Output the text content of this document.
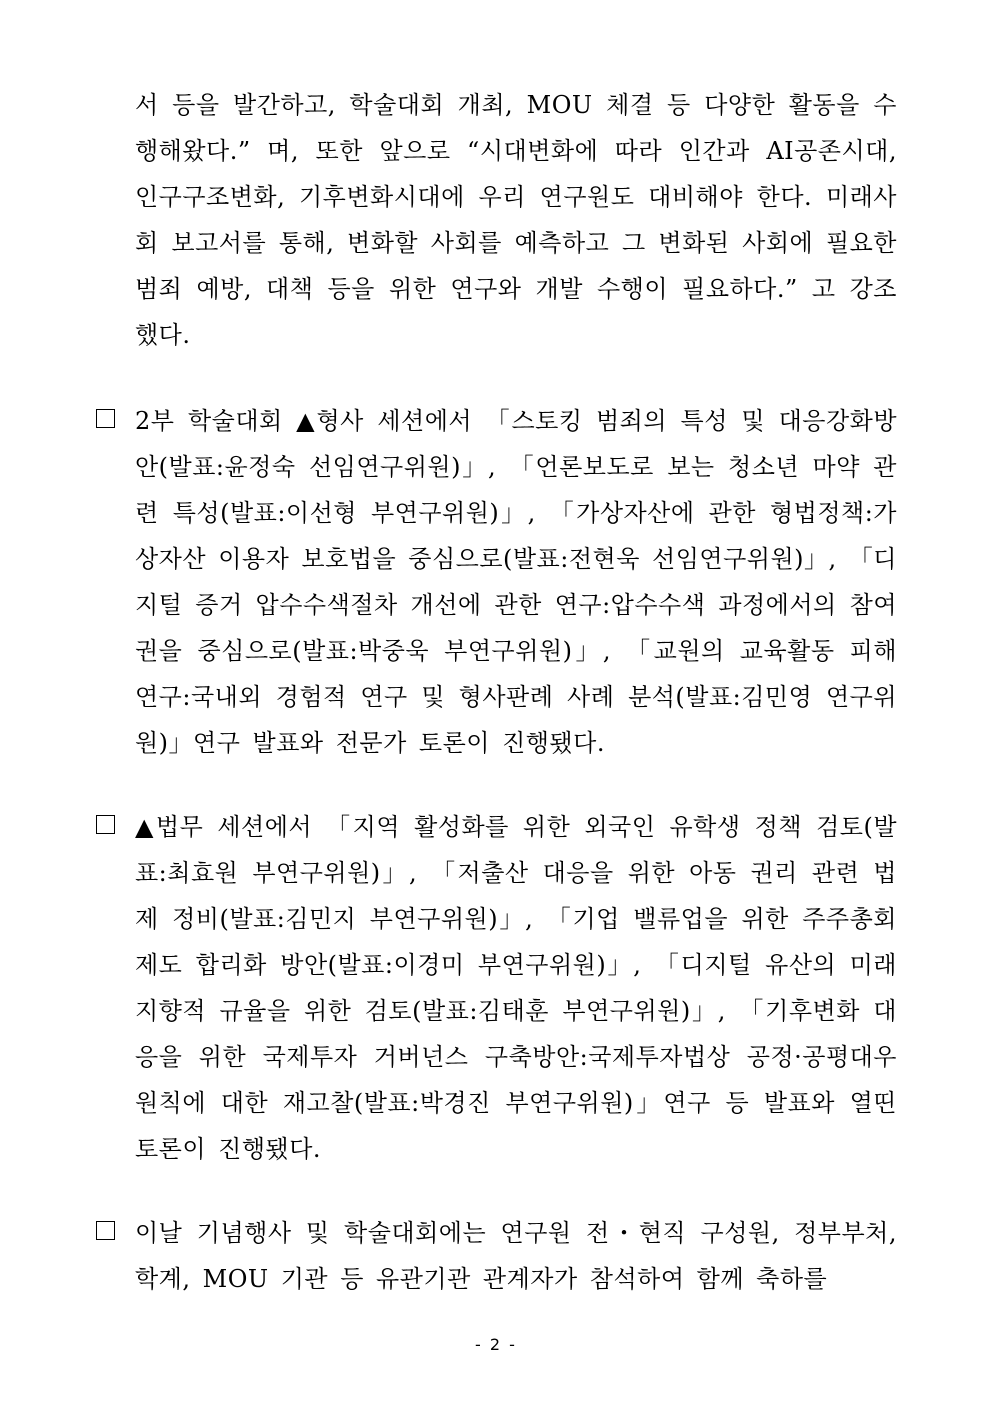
서 등을 발간하고, 학술대회 개최, MOU 체결 등 다양한 활동을 수행해왔다.” 며, 또한 앞으로 “시대변화에 따라 인간과 AI공존시대, 인구구조변화, 기후변화시대에 우리 연구원도 대비해야 한다. 미래사회 보고서를 통해, 변화할 사회를 예측하고 그 변화된 사회에 필요한 범죄 예방, 대책 등을 위한 연구와 개발 수행이 필요하다.” 고 강조했다.

2부 학술대회 ▲형사 세션에서 「스토킹 범죄의 특성 및 대응강화방안(발표:윤정숙 선임연구위원)」, 「언론보도로 보는 청소년 마약 관련 특성(발표:이선형 부연구위원)」, 「가상자산에 관한 형법정책:가상자산 이용자 보호법을 중심으로(발표:전현욱 선임연구위원)」, 「디지털 증거 압수수색절차 개선에 관한 연구:압수수색 과정에서의 참여권을 중심으로(발표:박중욱 부연구위원)」, 「교원의 교육활동 피해 연구:국내외 경험적 연구 및 형사판례 사례 분석(발표:김민영 연구위원)」연구 발표와 전문가 토론이 진행됐다.

▲법무 세션에서 「지역 활성화를 위한 외국인 유학생 정책 검토(발표:최효원 부연구위원)」, 「저출산 대응을 위한 아동 권리 관련 법제 정비(발표:김민지 부연구위원)」, 「기업 밸류업을 위한 주주총회 제도 합리화 방안(발표:이경미 부연구위원)」, 「디지털 유산의 미래지향적 규율을 위한 검토(발표:김태훈 부연구위원)」, 「기후변화 대응을 위한 국제투자 거버넌스 구축방안:국제투자법상 공정·공평대우 원칙에 대한 재고찰(발표:박경진 부연구위원)」연구 등 발표와 열띤 토론이 진행됐다.

이날 기념행사 및 학술대회에는 연구원 전・현직 구성원, 정부부처, 학계, MOU 기관 등 유관기관 관계자가 참석하여 함께 축하를

- 2 -
